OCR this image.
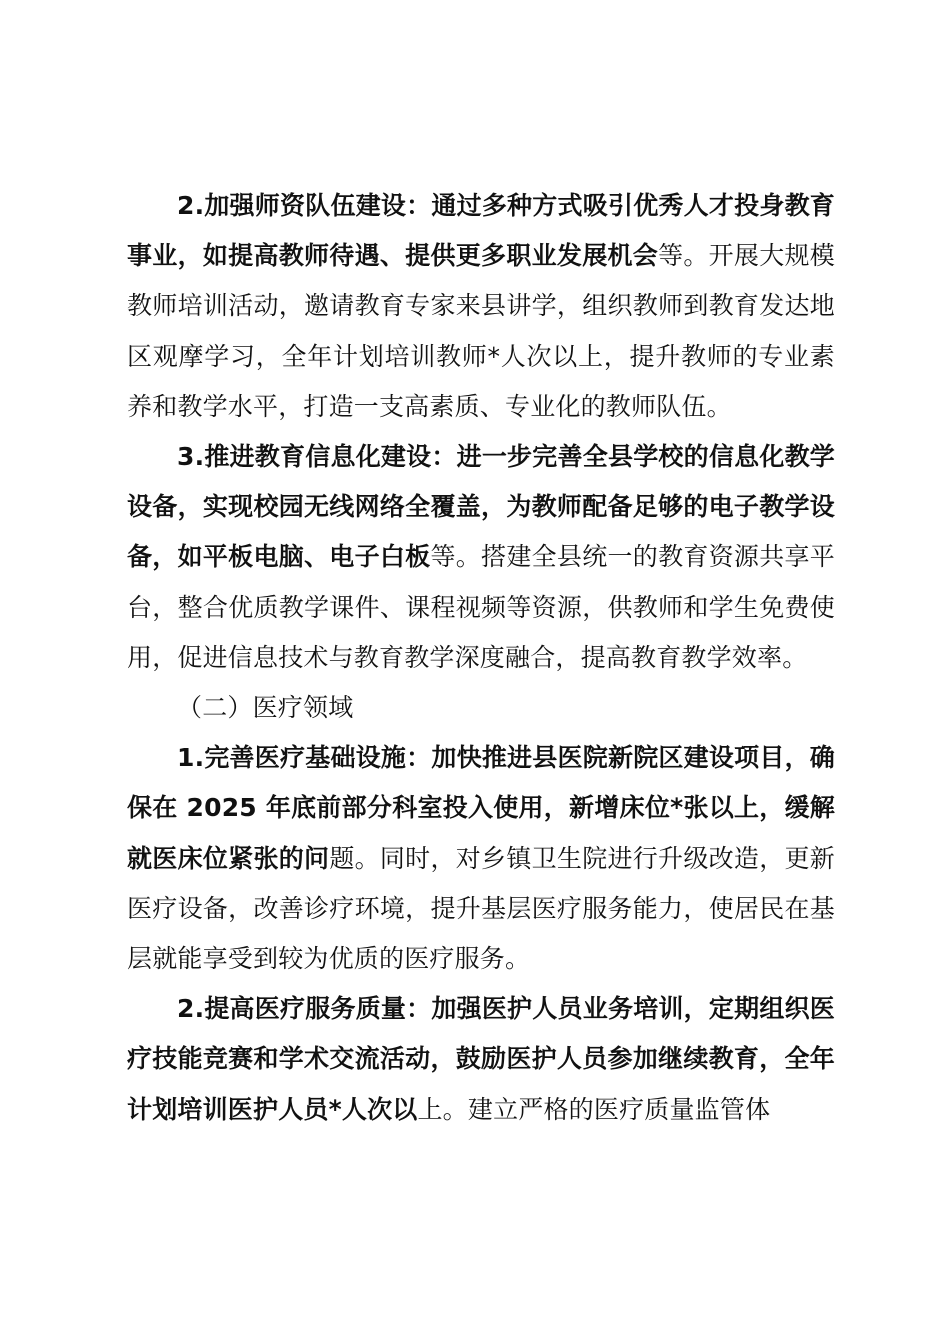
2.加强师资队伍建设：通过多种方式吸引优秀人才投身教育事业，如提高教师待遇、提供更多职业发展机会等。开展大规模教师培训活动，邀请教育专家来县讲学，组织教师到教育发达地区观摩学习，全年计划培训教师*人次以上，提升教师的专业素养和教学水平，打造一支高素质、专业化的教师队伍。

3.推进教育信息化建设：进一步完善全县学校的信息化教学设备，实现校园无线网络全覆盖，为教师配备足够的电子教学设备，如平板电脑、电子白板等。搭建全县统一的教育资源共享平台，整合优质教学课件、课程视频等资源，供教师和学生免费使用，促进信息技术与教育教学深度融合，提高教育教学效率。

（二）医疗领域

1.完善医疗基础设施：加快推进县医院新院区建设项目，确保在 2025 年底前部分科室投入使用，新增床位*张以上，缓解就医床位紧张的问题。同时，对乡镇卫生院进行升级改造，更新医疗设备，改善诊疗环境，提升基层医疗服务能力，使居民在基层就能享受到较为优质的医疗服务。

2.提高医疗服务质量：加强医护人员业务培训，定期组织医疗技能竞赛和学术交流活动，鼓励医护人员参加继续教育，全年计划培训医护人员*人次以上。建立严格的医疗质量监管体
